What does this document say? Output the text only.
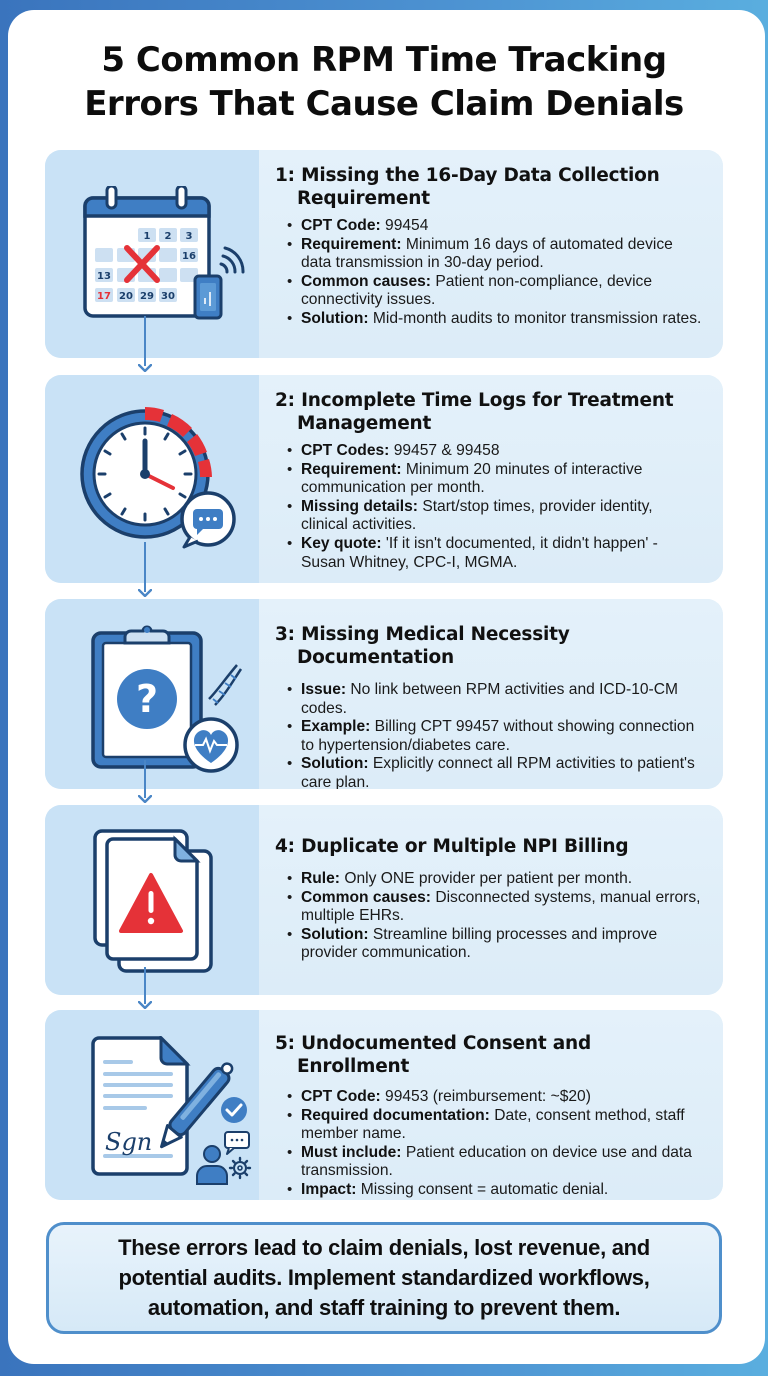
5 Common RPM Time Tracking
Errors That Cause Claim Denials
1 2 3
16
13
17 20 29 30
1: Missing the 16-Day Data Collection Requirement
• CPT Code: 99454
• Requirement: Minimum 16 days of automated device data transmission in 30-day period.
• Common causes: Patient non-compliance, device connectivity issues.
• Solution: Mid-month audits to monitor transmission rates.
2: Incomplete Time Logs for Treatment Management
• CPT Codes: 99457 & 99458
• Requirement: Minimum 20 minutes of interactive communication per month.
• Missing details: Start/stop times, provider identity, clinical activities.
• Key quote: 'If it isn't documented, it didn't happen' - Susan Whitney, CPC-I, MGMA.
?
3: Missing Medical Necessity Documentation
• Issue: No link between RPM activities and ICD-10-CM codes.
• Example: Billing CPT 99457 without showing connection to hypertension/diabetes care.
• Solution: Explicitly connect all RPM activities to patient's care plan.
4: Duplicate or Multiple NPI Billing
• Rule: Only ONE provider per patient per month.
• Common causes: Disconnected systems, manual errors, multiple EHRs.
• Solution: Streamline billing processes and improve provider communication.
Sgn
5: Undocumented Consent and Enrollment
• CPT Code: 99453 (reimbursement: ~$20)
• Required documentation: Date, consent method, staff member name.
• Must include: Patient education on device use and data transmission.
• Impact: Missing consent = automatic denial.

These errors lead to claim denials, lost revenue, and potential audits. Implement standardized workflows, automation, and staff training to prevent them.
